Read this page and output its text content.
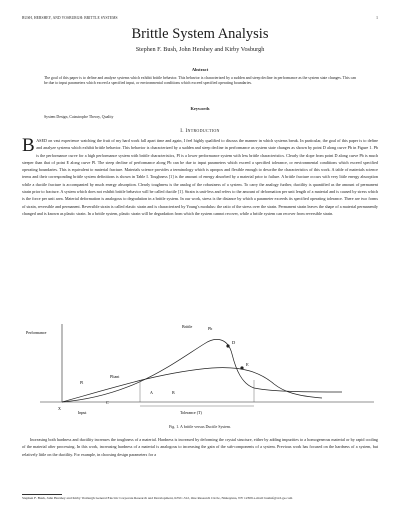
BUSH, HERSHEY, AND VOSBURGH: BRITTLE SYSTEMS	1
Brittle System Analysis
Stephen F. Bush, John Hershey and Kirby Vosburgh
Abstract
The goal of this paper is to define and analyze systems which exhibit brittle behavior. This behavior is characterized by a sudden and steep decline in performance as the system state changes. This can be due to input parameters which exceed a specified input, or environmental conditions which exceed specified operating boundaries.
Keywords
System Design, Catastrophe Theory, Quality
I. Introduction
BASED on vast experience watching the fruit of my hard work fall apart time and again, I feel highly qualified to discuss the manner in which systems break. In particular, the goal of this paper is to define and analyze systems which exhibit brittle behavior. This behavior is characterized by a sudden and steep decline in performance as system state changes as shown by point D along curve Pb in Figure 1. Pb is the performance curve for a high performance system with brittle characteristics, Pl is a lower performance system with less brittle characteristics. Clearly the slope from point D along curve Pb is much steeper than that of point E along curve Pl. The steep decline of performance along Pb can be due to input parameters which exceed a specified tolerance, or environmental conditions which exceed specified operating boundaries. This is equivalent to material fracture. Materials science provides a terminology which is apropos and flexible enough to describe the characteristics of this work. A table of materials science terms and their corresponding brittle system definitions is shown in Table I. Toughness [1] is the amount of energy absorbed by a material prior to failure. A brittle fracture occurs with very little energy absorption while a ductile fracture is accompanied by much energy absorption. Clearly toughness is the analog of the robustness of a system. To carry the analogy further, ductility is quantified as the amount of permanent strain prior to fracture. A system which does not exhibit brittle behavior will be called ductile [1]. Strain is unit-less and refers to the amount of deformation per unit length of a material and is caused by stress which is the force per unit area. Material deformation is analogous to degradation in a brittle system. In our work, stress is the distance by which a parameter exceeds its specified operating tolerance. There are two forms of strain, reversible and permanent. Reversible strain is called elastic strain and is characterized by Young's modulus: the ratio of the stress over the strain. Permanent strain leaves the shape of a material permanently changed and is known as plastic strain. In a brittle system, plastic strain will be degradation from which the system cannot recover, while a brittle system can recover from reversible strain.
Performance
Brittle	Pb
D
E
Pl
Pliant
A	B
C
X
Input	Tolerance (T)
Fig. 1. A brittle versus Ductile System.
Increasing both hardness and ductility increases the toughness of a material. Hardness is increased by deforming the crystal structure, either by adding impurities to a homogeneous material or by rapid cooling of the material after processing. In this work, increasing hardness of a material is analogous to increasing the gain of the sub-components of a system. Previous work has focused on the hardness of a system, but relatively little on the ductility. For example, in choosing design parameters for a
Stephen F. Bush, John Hershey and Kirby Vosburgh General Electric Corporate Research and Development, KWC-312, One Research Circle, Niskayuna, NY 12309 e-mail: bushsf@crd.ge.com
